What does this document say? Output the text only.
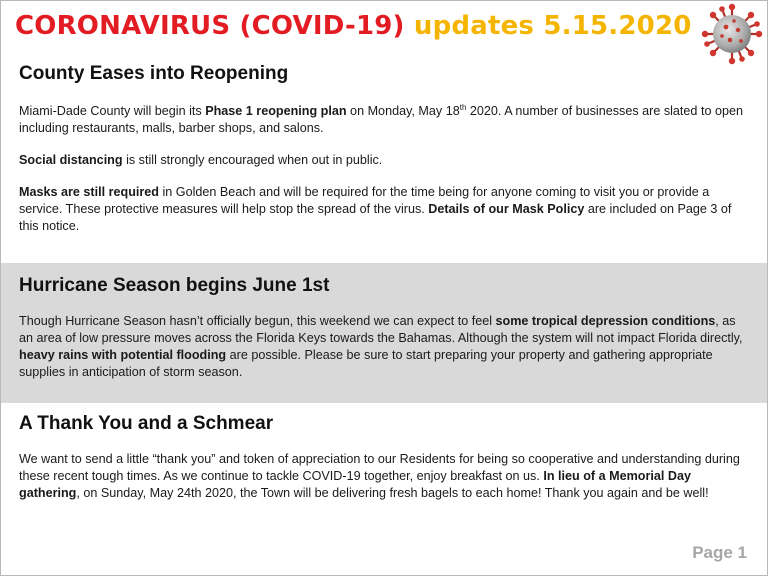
CORONAVIRUS (COVID-19) updates 5.15.2020
County Eases into Reopening

Miami-Dade County will begin its Phase 1 reopening plan on Monday, May 18th 2020. A number of businesses are slated to open including restaurants, malls, barber shops, and salons.

Social distancing is still strongly encouraged when out in public.

Masks are still required in Golden Beach and will be required for the time being for anyone coming to visit you or provide a service. These protective measures will help stop the spread of the virus. Details of our Mask Policy are included on Page 3 of this notice.

Hurricane Season begins June 1st

Though Hurricane Season hasn’t officially begun, this weekend we can expect to feel some tropical depression conditions, as an area of low pressure moves across the Florida Keys towards the Bahamas. Although the system will not impact Florida directly, heavy rains with potential flooding are possible. Please be sure to start preparing your property and gathering appropriate supplies in anticipation of storm season.

A Thank You and a Schmear

We want to send a little “thank you” and token of appreciation to our Residents for being so cooperative and understanding during these recent tough times. As we continue to tackle COVID-19 together, enjoy breakfast on us. In lieu of a Memorial Day gathering, on Sunday, May 24th 2020, the Town will be delivering fresh bagels to each home! Thank you again and be well!

Page 1
